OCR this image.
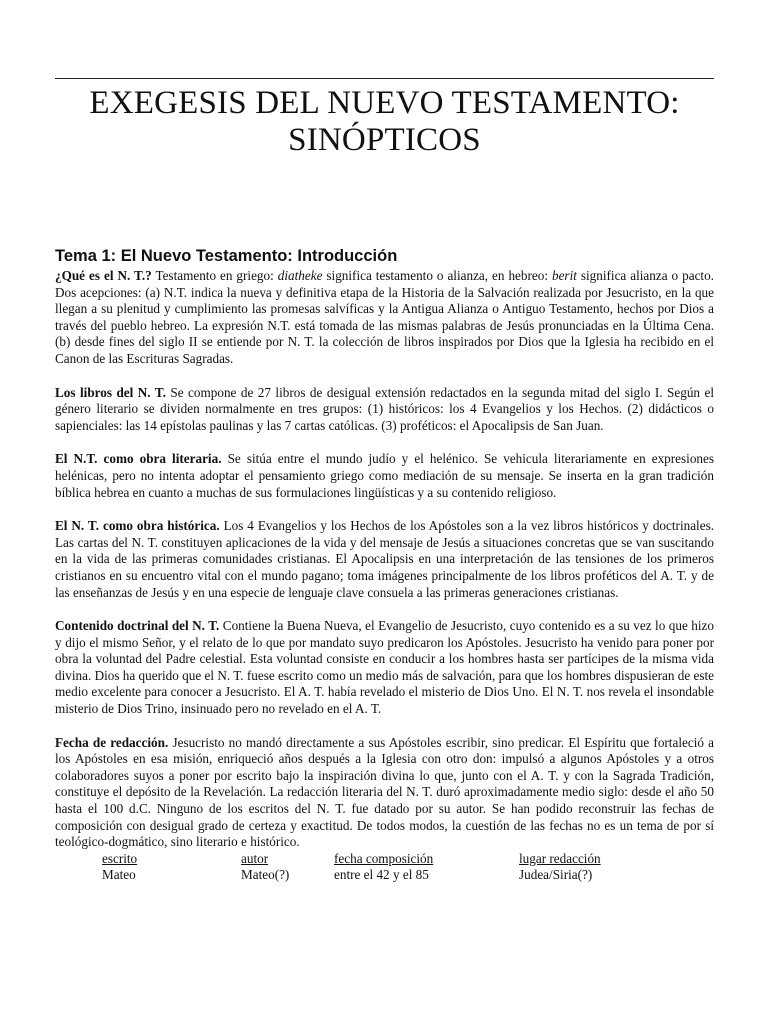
EXEGESIS DEL NUEVO TESTAMENTO:
SINÓPTICOS
Tema 1: El Nuevo Testamento: Introducción

¿Qué es el N. T.? Testamento en griego: diatheke significa testamento o alianza, en hebreo: berit significa alianza o pacto. Dos acepciones: (a) N.T. indica la nueva y definitiva etapa de la Historia de la Salvación realizada por Jesucristo, en la que llegan a su plenitud y cumplimiento las promesas salvíficas y la Antigua Alianza o Antiguo Testamento, hechos por Dios a través del pueblo hebreo. La expresión N.T. está tomada de las mismas palabras de Jesús pronunciadas en la Última Cena. (b) desde fines del siglo II se entiende por N. T. la colección de libros inspirados por Dios que la Iglesia ha recibido en el Canon de las Escrituras Sagradas.

Los libros del N. T. Se compone de 27 libros de desigual extensión redactados en la segunda mitad del siglo I. Según el género literario se dividen normalmente en tres grupos: (1) históricos: los 4 Evangelios y los Hechos. (2) didácticos o sapienciales: las 14 epístolas paulinas y las 7 cartas católicas. (3) proféticos: el Apocalipsis de San Juan.

El N.T. como obra literaria. Se sitúa entre el mundo judío y el helénico. Se vehicula literariamente en expresiones helénicas, pero no intenta adoptar el pensamiento griego como mediación de su mensaje. Se inserta en la gran tradición bíblica hebrea en cuanto a muchas de sus formulaciones lingüísticas y a su contenido religioso.

El N. T. como obra histórica. Los 4 Evangelios y los Hechos de los Apóstoles son a la vez libros históricos y doctrinales. Las cartas del N. T. constituyen aplicaciones de la vida y del mensaje de Jesús a situaciones concretas que se van suscitando en la vida de las primeras comunidades cristianas. El Apocalipsis en una interpretación de las tensiones de los primeros cristianos en su encuentro vital con el mundo pagano; toma imágenes principalmente de los libros proféticos del A. T. y de las enseñanzas de Jesús y en una especie de lenguaje clave consuela a las primeras generaciones cristianas.

Contenido doctrinal del N. T. Contiene la Buena Nueva, el Evangelio de Jesucristo, cuyo contenido es a su vez lo que hizo y dijo el mismo Señor, y el relato de lo que por mandato suyo predicaron los Apóstoles. Jesucristo ha venido para poner por obra la voluntad del Padre celestial. Esta voluntad consiste en conducir a los hombres hasta ser partícipes de la misma vida divina. Dios ha querido que el N. T. fuese escrito como un medio más de salvación, para que los hombres dispusieran de este medio excelente para conocer a Jesucristo. El A. T. había revelado el misterio de Dios Uno. El N. T. nos revela el insondable misterio de Dios Trino, insinuado pero no revelado en el A. T.

Fecha de redacción. Jesucristo no mandó directamente a sus Apóstoles escribir, sino predicar. El Espíritu que fortaleció a los Apóstoles en esa misión, enriqueció años después a la Iglesia con otro don: impulsó a algunos Apóstoles y a otros colaboradores suyos a poner por escrito bajo la inspiración divina lo que, junto con el A. T. y con la Sagrada Tradición, constituye el depósito de la Revelación. La redacción literaria del N. T. duró aproximadamente medio siglo: desde el año 50 hasta el 100 d.C. Ninguno de los escritos del N. T. fue datado por su autor. Se han podido reconstruir las fechas de composición con desigual grado de certeza y exactitud. De todos modos, la cuestión de las fechas no es un tema de por sí teológico-dogmático, sino literario e histórico.

escrito	autor	fecha composición	lugar redacción
Mateo	Mateo(?)	entre el 42 y el 85	Judea/Siria(?)
